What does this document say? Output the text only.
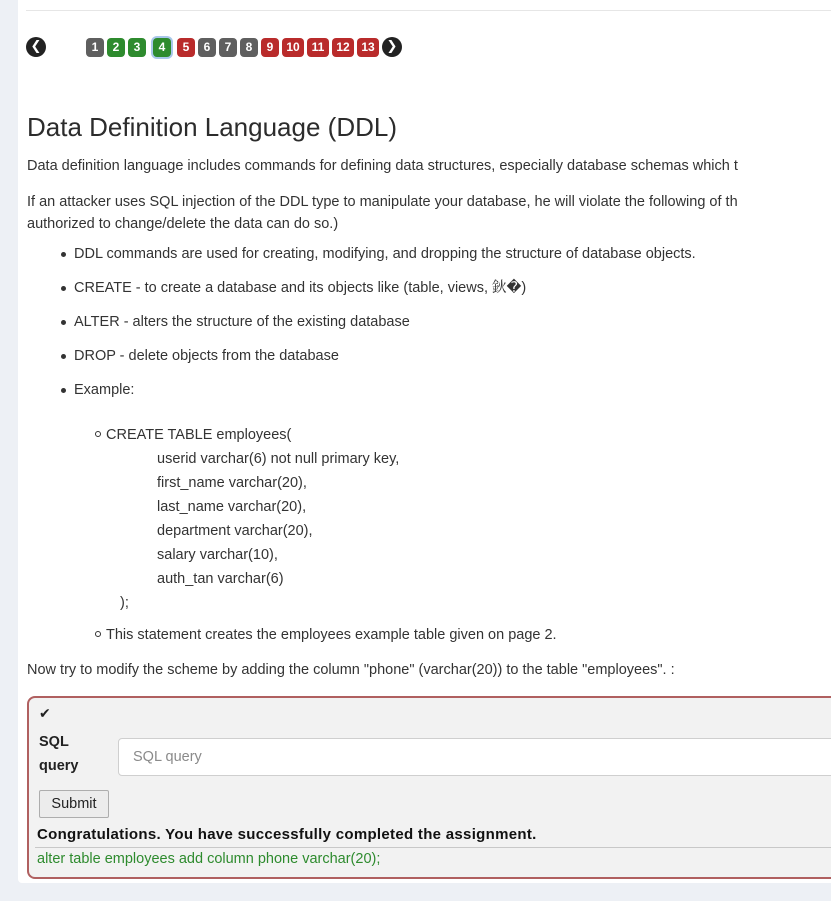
❮	1	2	3	4	5	6	7	8	9	10 11 12 13 ❯
Data Definition Language (DDL)

Data definition language includes commands for defining data structures, especially database schemas which t

If an attacker uses SQL injection of the DDL type to manipulate your database, he will violate the following of th

authorized to change/delete the data can do so.)

DDL commands are used for creating, modifying, and dropping the structure of database objects.
CREATE - to create a database and its objects like (table, views, 鈥�)
ALTER - alters the structure of the existing database
DROP - delete objects from the database
Example:
CREATE TABLE employees(
userid varchar(6) not null primary key,
first_name varchar(20),
last_name varchar(20),
department varchar(20),
salary varchar(10),
auth_tan varchar(6)
);
This statement creates the employees example table given on page 2.

Now try to modify the scheme by adding the column "phone" (varchar(20)) to the table "employees". :

✔
SQL
query
SQL query
Submit
Congratulations. You have successfully completed the assignment.
alter table employees add column phone varchar(20);
